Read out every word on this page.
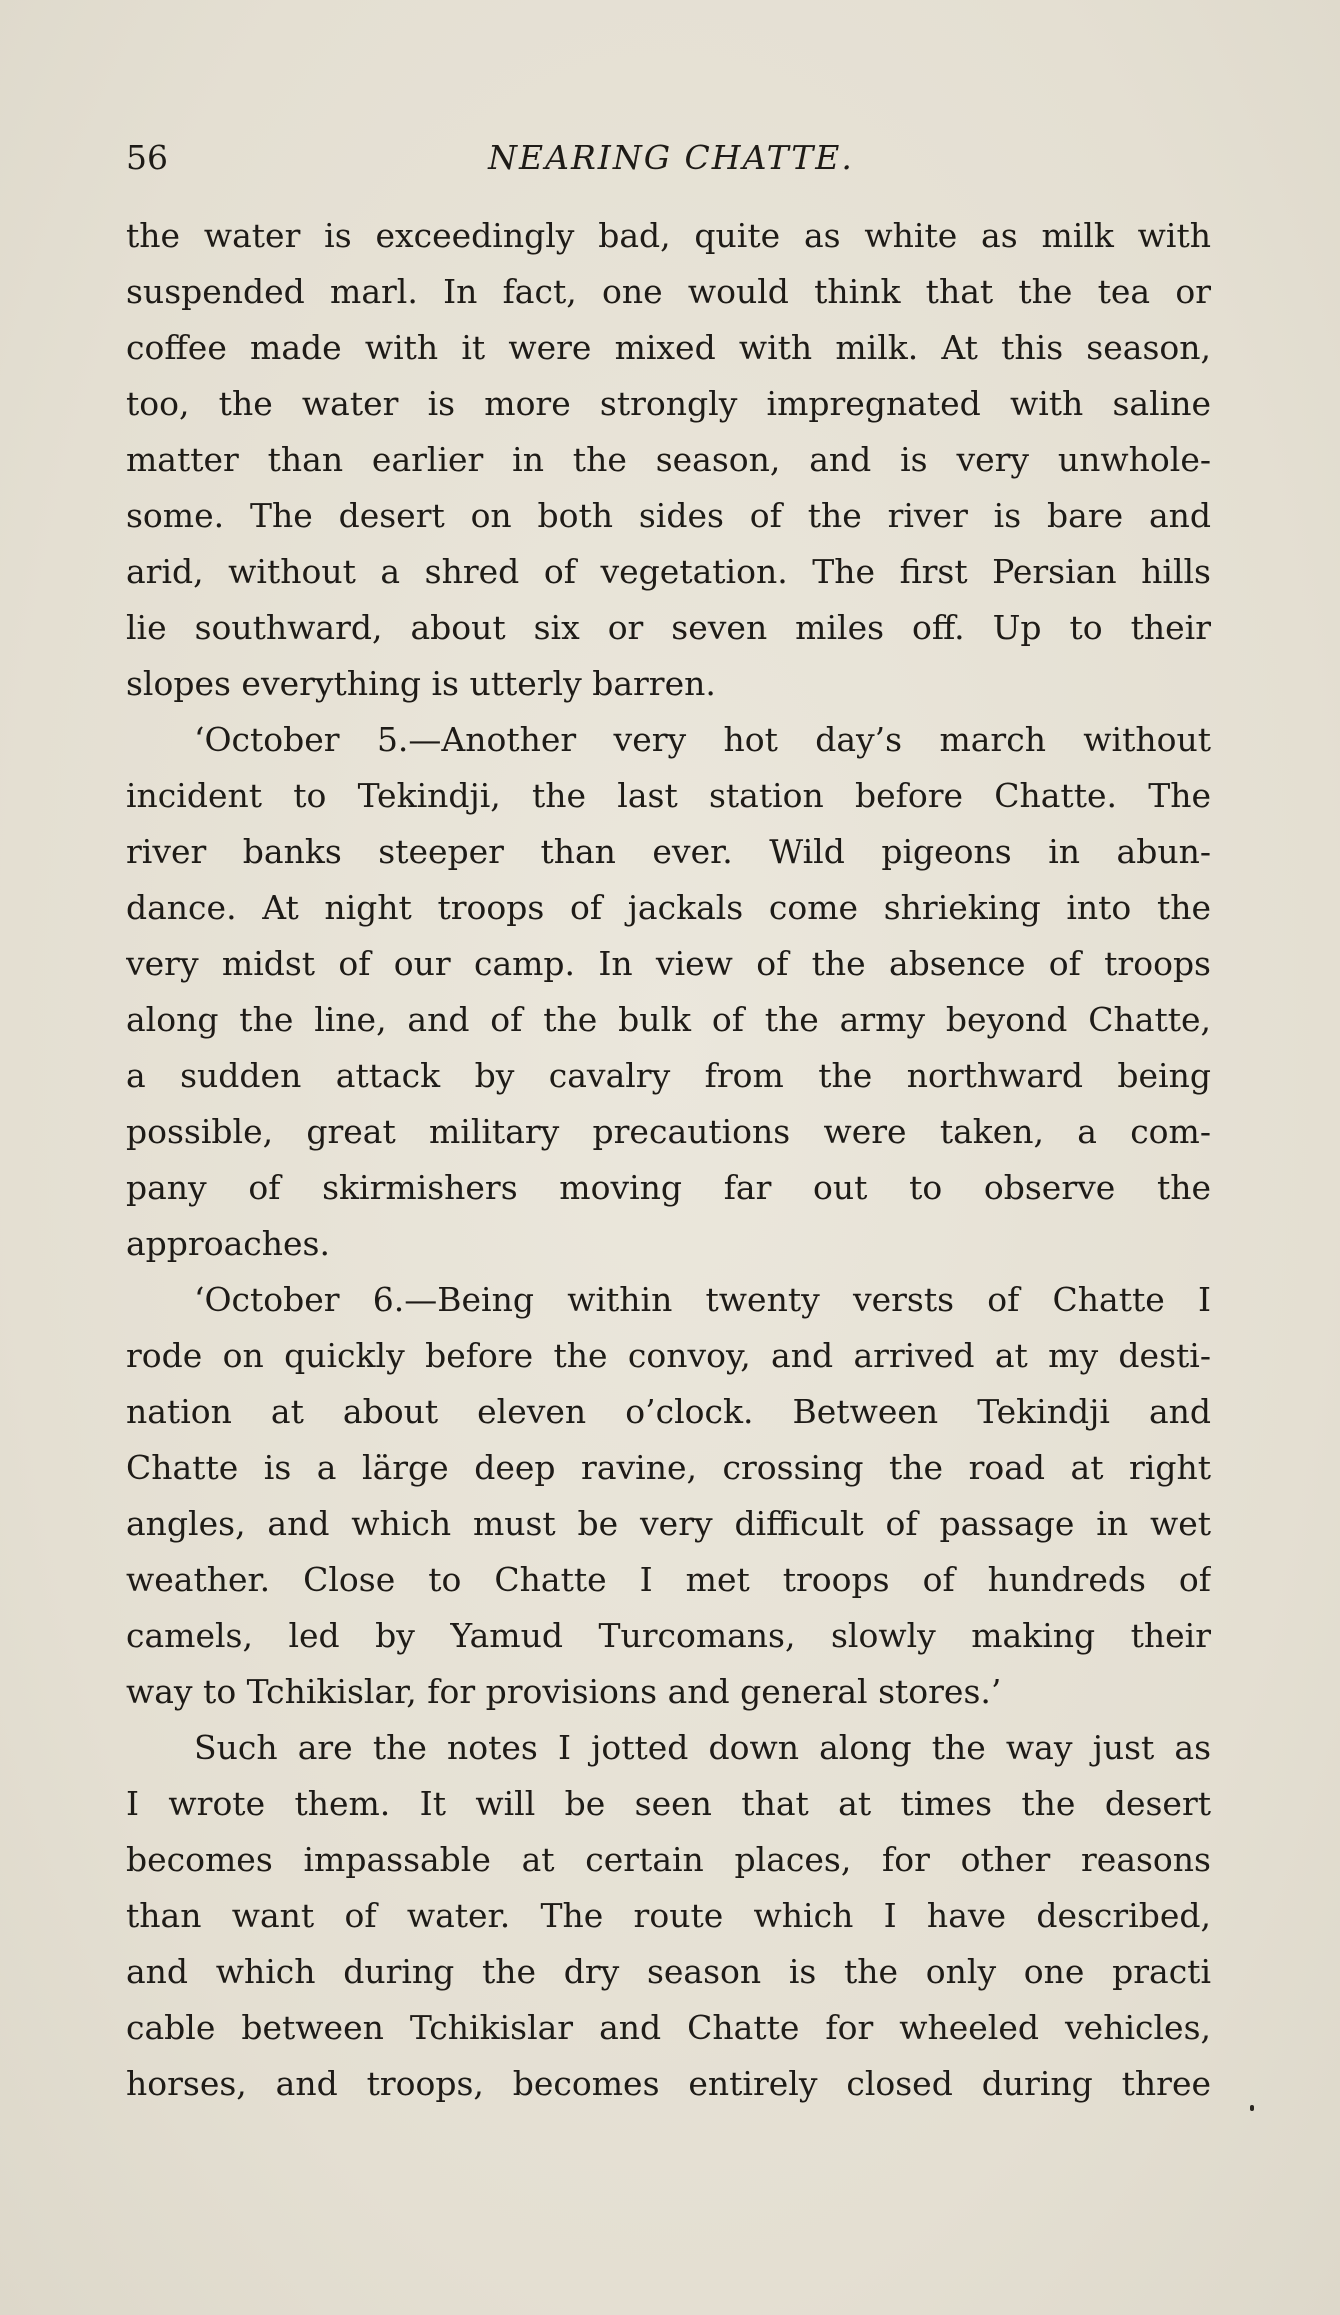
56	NEARING CHATTE.
the water is exceedingly bad, quite as white as milk with
suspended marl. In fact, one would think that the tea or
coffee made with it were mixed with milk. At this season,
too, the water is more strongly impregnated with saline
matter than earlier in the season, and is very unwhole-
some. The desert on both sides of the river is bare and
arid, without a shred of vegetation. The first Persian hills
lie southward, about six or seven miles off. Up to their
slopes everything is utterly barren.
‘October 5.—Another very hot day’s march without
incident to Tekindji, the last station before Chatte. The
river banks steeper than ever. Wild pigeons in abun-
dance. At night troops of jackals come shrieking into the
very midst of our camp. In view of the absence of troops
along the line, and of the bulk of the army beyond Chatte,
a sudden attack by cavalry from the northward being
possible, great military precautions were taken, a com-
pany of skirmishers moving far out to observe the
approaches.
‘October 6.—Being within twenty versts of Chatte I
rode on quickly before the convoy, and arrived at my desti-
nation at about eleven o’clock. Between Tekindji and
Chatte is a lärge deep ravine, crossing the road at right
angles, and which must be very difficult of passage in wet
weather. Close to Chatte I met troops of hundreds of
camels, led by Yamud Turcomans, slowly making their
way to Tchikislar, for provisions and general stores.’
Such are the notes I jotted down along the way just as
I wrote them. It will be seen that at times the desert
becomes impassable at certain places, for other reasons
than want of water. The route which I have described,
and which during the dry season is the only one practi
cable between Tchikislar and Chatte for wheeled vehicles,
horses, and troops, becomes entirely closed during three
